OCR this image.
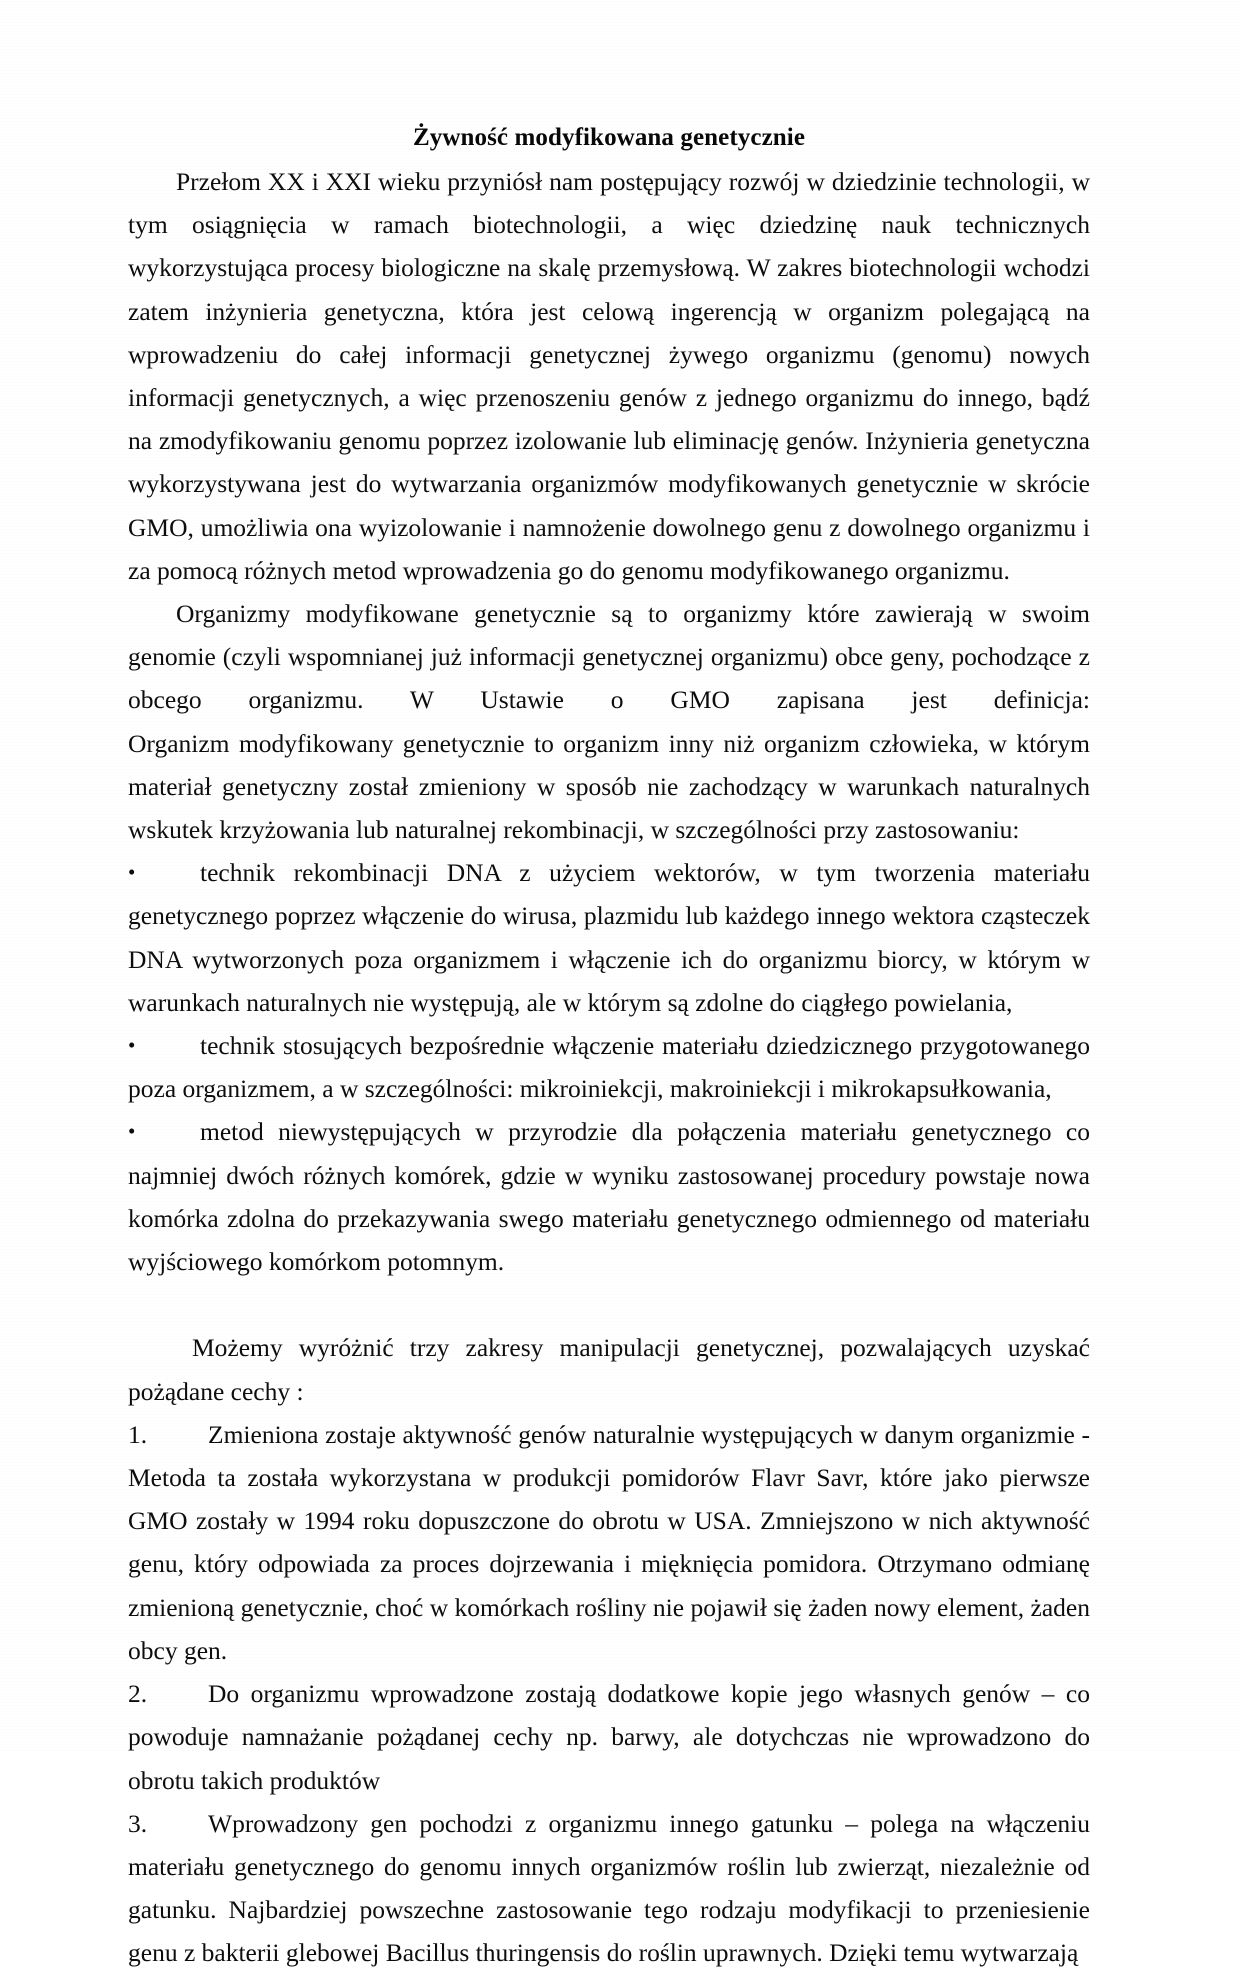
Żywność modyfikowana genetycznie

Przełom XX i XXI wieku przyniósł nam postępujący rozwój w dziedzinie technologii, w
tym osiągnięcia w ramach biotechnologii, a więc dziedzinę nauk technicznych
wykorzystująca procesy biologiczne na skalę przemysłową. W zakres biotechnologii wchodzi
zatem inżynieria genetyczna, która jest celową ingerencją w organizm polegającą na
wprowadzeniu do całej informacji genetycznej żywego organizmu (genomu) nowych
informacji genetycznych, a więc przenoszeniu genów z jednego organizmu do innego, bądź
na zmodyfikowaniu genomu poprzez izolowanie lub eliminację genów. Inżynieria genetyczna
wykorzystywana jest do wytwarzania organizmów modyfikowanych genetycznie w skrócie
GMO, umożliwia ona wyizolowanie i namnożenie dowolnego genu z dowolnego organizmu i
za pomocą różnych metod wprowadzenia go do genomu modyfikowanego organizmu.

Organizmy modyfikowane genetycznie są to organizmy które zawierają w swoim
genomie (czyli wspomnianej już informacji genetycznej organizmu) obce geny, pochodzące z
obcego organizmu. W Ustawie o GMO zapisana jest definicja:
Organizm modyfikowany genetycznie to organizm inny niż organizm człowieka, w którym
materiał genetyczny został zmieniony w sposób nie zachodzący w warunkach naturalnych
wskutek krzyżowania lub naturalnej rekombinacji, w szczególności przy zastosowaniu:

•	technik rekombinacji DNA z użyciem wektorów, w tym tworzenia materiału
genetycznego poprzez włączenie do wirusa, plazmidu lub każdego innego wektora cząsteczek
DNA wytworzonych poza organizmem i włączenie ich do organizmu biorcy, w którym w
warunkach naturalnych nie występują, ale w którym są zdolne do ciągłego powielania,
•	technik stosujących bezpośrednie włączenie materiału dziedzicznego przygotowanego
poza organizmem, a w szczególności: mikroiniekcji, makroiniekcji i mikrokapsułkowania,
•	metod niewystępujących w przyrodzie dla połączenia materiału genetycznego co
najmniej dwóch różnych komórek, gdzie w wyniku zastosowanej procedury powstaje nowa
komórka zdolna do przekazywania swego materiału genetycznego odmiennego od materiału
wyjściowego komórkom potomnym.

Możemy wyróżnić trzy zakresy manipulacji genetycznej, pozwalających uzyskać
pożądane cechy :

1. Zmieniona zostaje aktywność genów naturalnie występujących w danym organizmie -
Metoda ta została wykorzystana w produkcji pomidorów Flavr Savr, które jako pierwsze
GMO zostały w 1994 roku dopuszczone do obrotu w USA. Zmniejszono w nich aktywność
genu, który odpowiada za proces dojrzewania i mięknięcia pomidora. Otrzymano odmianę
zmienioną genetycznie, choć w komórkach rośliny nie pojawił się żaden nowy element, żaden
obcy gen.
2. Do organizmu wprowadzone zostają dodatkowe kopie jego własnych genów – co
powoduje namnażanie pożądanej cechy np. barwy, ale dotychczas nie wprowadzono do
obrotu takich produktów
3. Wprowadzony gen pochodzi z organizmu innego gatunku – polega na włączeniu
materiału genetycznego do genomu innych organizmów roślin lub zwierząt, niezależnie od
gatunku. Najbardziej powszechne zastosowanie tego rodzaju modyfikacji to przeniesienie
genu z bakterii glebowej Bacillus thuringensis do roślin uprawnych. Dzięki temu wytwarzają
